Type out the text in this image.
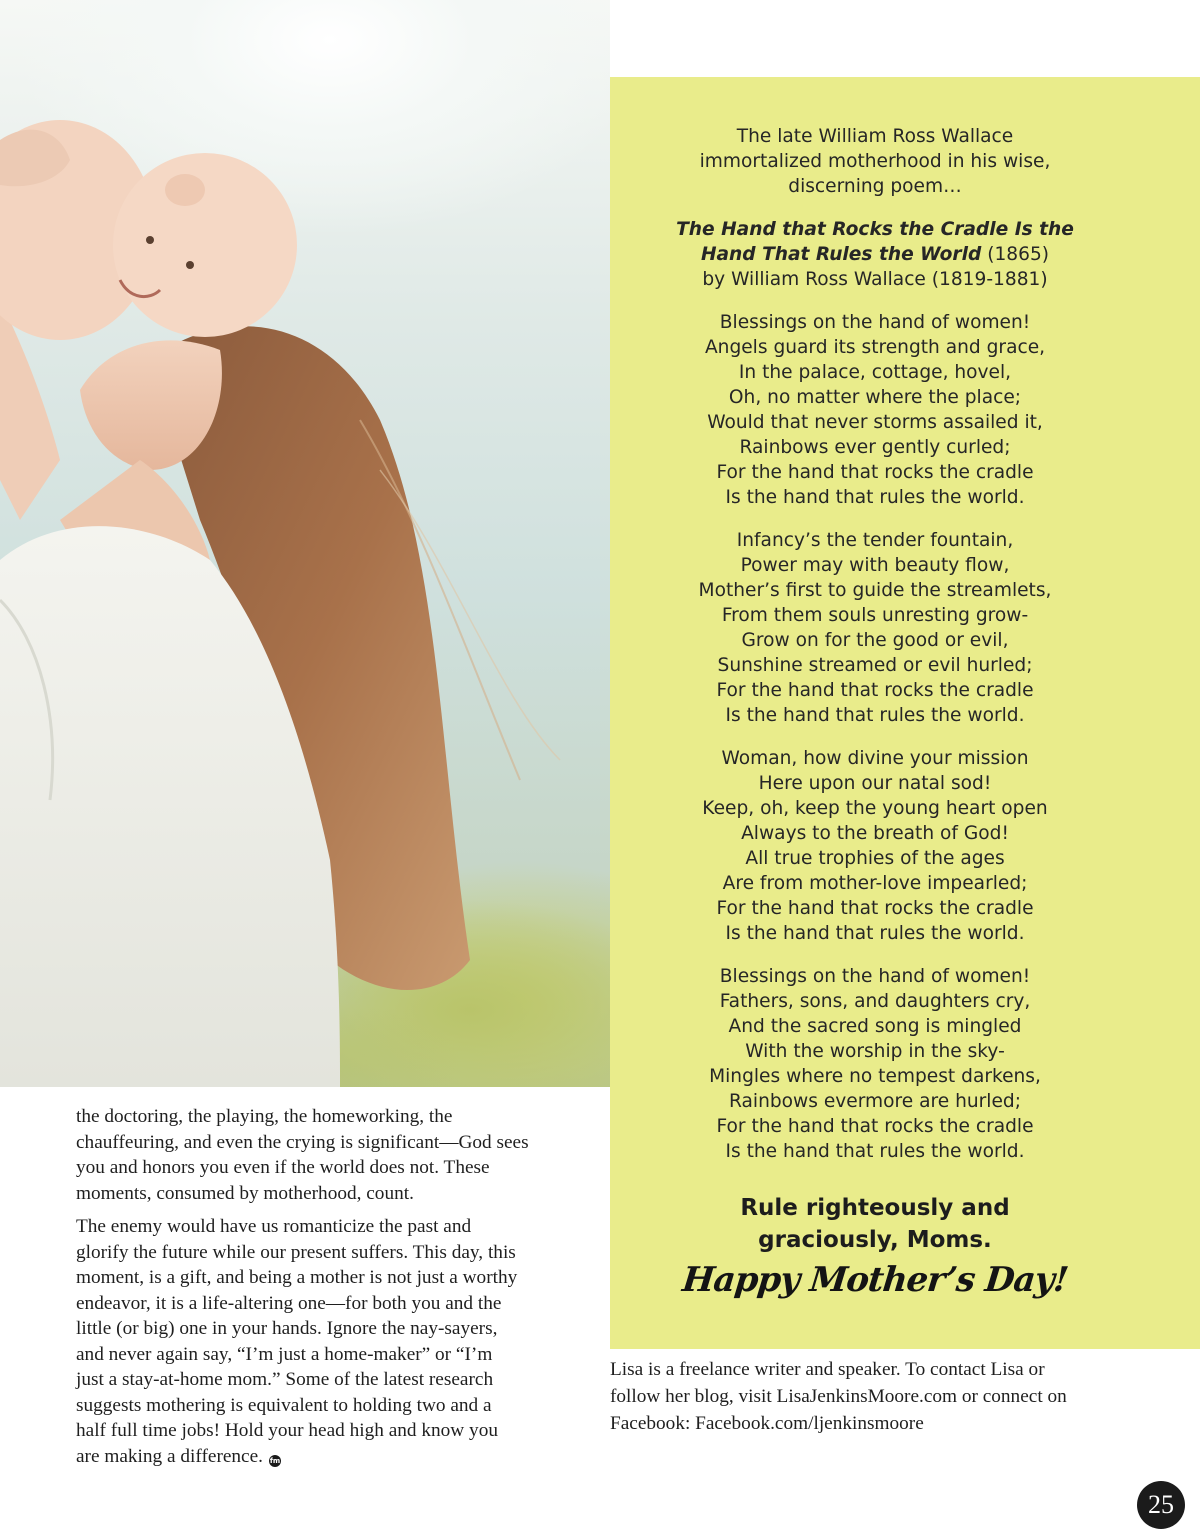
The late William Ross Wallace
immortalized motherhood in his wise,
discerning poem…

The Hand that Rocks the Cradle Is the
Hand That Rules the World (1865)
by William Ross Wallace (1819-1881)

Blessings on the hand of women!
Angels guard its strength and grace,
In the palace, cottage, hovel,
Oh, no matter where the place;
Would that never storms assailed it,
Rainbows ever gently curled;
For the hand that rocks the cradle
Is the hand that rules the world.

Infancy’s the tender fountain,
Power may with beauty flow,
Mother’s first to guide the streamlets,
From them souls unresting grow-
Grow on for the good or evil,
Sunshine streamed or evil hurled;
For the hand that rocks the cradle
Is the hand that rules the world.

Woman, how divine your mission
Here upon our natal sod!
Keep, oh, keep the young heart open
Always to the breath of God!
All true trophies of the ages
Are from mother-love impearled;
For the hand that rocks the cradle
Is the hand that rules the world.

Blessings on the hand of women!
Fathers, sons, and daughters cry,
And the sacred song is mingled
With the worship in the sky-
Mingles where no tempest darkens,
Rainbows evermore are hurled;
For the hand that rocks the cradle
Is the hand that rules the world.

Rule righteously and
graciously, Moms.
Happy Mother’s Day!

the doctoring, the playing, the homeworking, the
chauffeuring, and even the crying is significant—God sees
you and honors you even if the world does not. These
moments, consumed by motherhood, count.

The enemy would have us romanticize the past and
glorify the future while our present suffers. This day, this
moment, is a gift, and being a mother is not just a worthy
endeavor, it is a life-altering one—for both you and the
little (or big) one in your hands. Ignore the nay-sayers,
and never again say, “I’m just a home-maker” or “I’m
just a stay-at-home mom.” Some of the latest research
suggests mothering is equivalent to holding two and a
half full time jobs! Hold your head high and know you
are making a difference. fm

Lisa is a freelance writer and speaker. To contact Lisa or
follow her blog, visit LisaJenkinsMoore.com or connect on
Facebook: Facebook.com/ljenkinsmoore
25
